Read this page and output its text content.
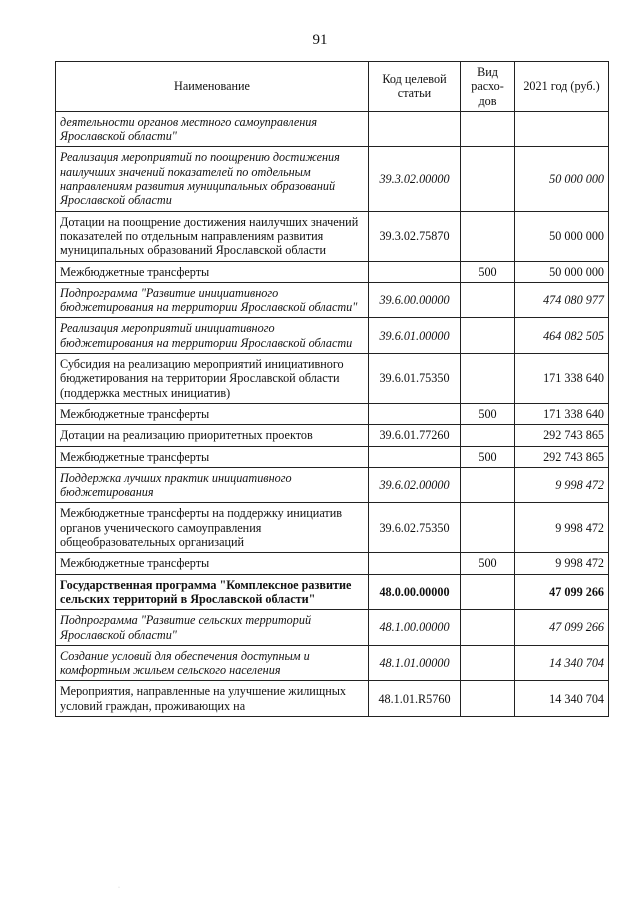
91
Наименование	Код целевой статьи	Вид расхо-дов	2021 год (руб.)
деятельности органов местного самоуправления Ярославской области"			
Реализация мероприятий по поощрению достижения наилучших значений показателей по отдельным направлениям развития муниципальных образований Ярославской области	39.3.02.00000		50 000 000
Дотации на поощрение достижения наилучших значений показателей по отдельным направлениям развития муниципальных образований Ярославской области	39.3.02.75870		50 000 000
Межбюджетные трансферты		500	50 000 000
Подпрограмма "Развитие инициативного бюджетирования на территории Ярославской области"	39.6.00.00000		474 080 977
Реализация мероприятий инициативного бюджетирования на территории Ярославской области	39.6.01.00000		464 082 505
Субсидия на реализацию мероприятий инициативного бюджетирования на территории Ярославской области (поддержка местных инициатив)	39.6.01.75350		171 338 640
Межбюджетные трансферты		500	171 338 640
Дотации на реализацию приоритетных проектов	39.6.01.77260		292 743 865
Межбюджетные трансферты		500	292 743 865
Поддержка лучших практик инициативного бюджетирования	39.6.02.00000		9 998 472
Межбюджетные трансферты на поддержку инициатив органов ученического самоуправления общеобразовательных организаций	39.6.02.75350		9 998 472
Межбюджетные трансферты		500	9 998 472
Государственная программа "Комплексное развитие сельских территорий в Ярославской области"	48.0.00.00000		47 099 266
Подпрограмма "Развитие сельских территорий Ярославской области"	48.1.00.00000		47 099 266
Создание условий для обеспечения доступным и комфортным жильем сельского населения	48.1.01.00000		14 340 704
Мероприятия, направленные на улучшение жилищных условий граждан, проживающих на	48.1.01.R5760		14 340 704
·
